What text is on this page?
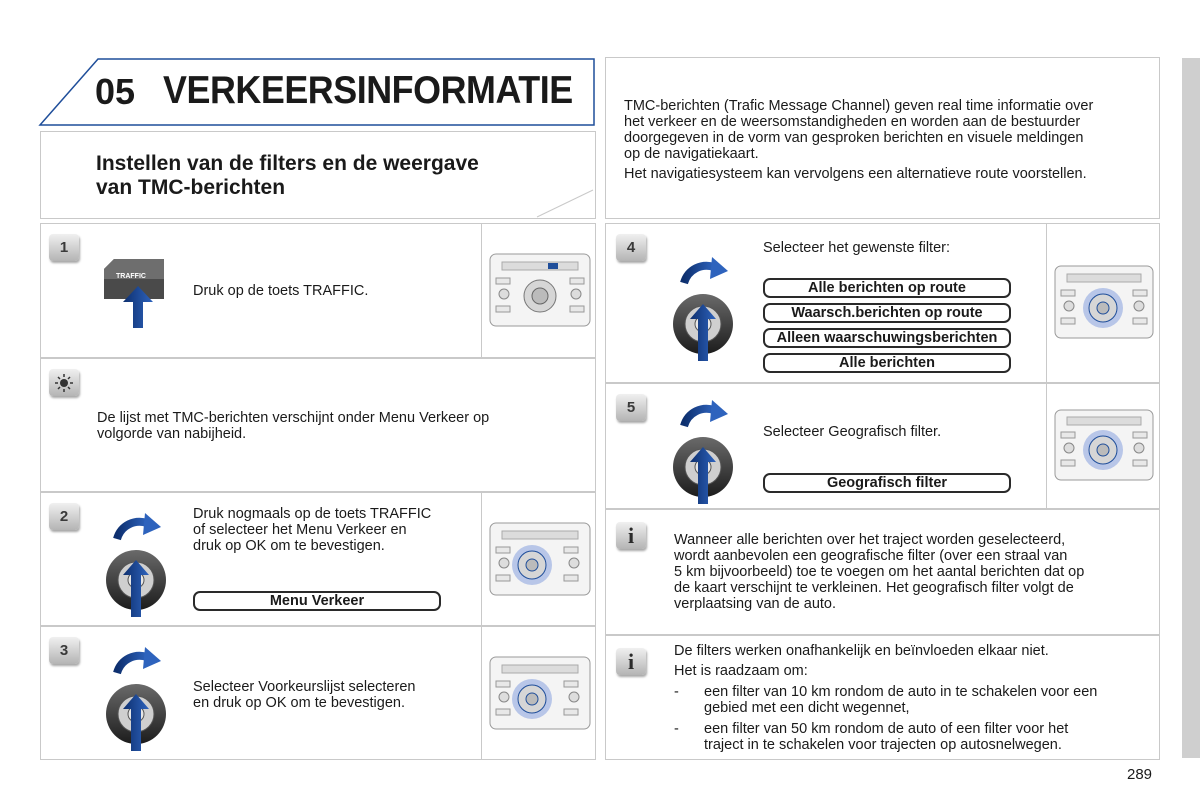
05 VERKEERSINFORMATIE
Instellen van de filters en de weergave
van TMC-berichten
TMC-berichten (Trafic Message Channel) geven real time informatie over
het verkeer en de weersomstandigheden en worden aan de bestuurder
doorgegeven in de vorm van gesproken berichten en visuele meldingen
op de navigatiekaart.
Het navigatiesysteem kan vervolgens een alternatieve route voorstellen.
1
TRAFFIC
Druk op de toets TRAFFIC.
De lijst met TMC-berichten verschijnt onder Menu Verkeer op
volgorde van nabijheid.
2	Druk nogmaals op de toets TRAFFIC
of selecteer het Menu Verkeer en
druk op OK om te bevestigen.
Menu Verkeer
3
Selecteer Voorkeurslijst selecteren
en druk op OK om te bevestigen.
4	Selecteer het gewenste filter:
Alle berichten op route
Waarsch.berichten op route
Alleen waarschuwingsberichten
Alle berichten
5
Selecteer Geografisch filter.
Geografisch filter
i	Wanneer alle berichten over het traject worden geselecteerd,
wordt aanbevolen een geografische filter (over een straal van
5 km bijvoorbeeld) toe te voegen om het aantal berichten dat op
de kaart verschijnt te verkleinen. Het geografisch filter volgt de
verplaatsing van de auto.
i	De filters werken onafhankelijk en beïnvloeden elkaar niet.
Het is raadzaam om:
- een filter van 10 km rondom de auto in te schakelen voor een
gebied met een dicht wegennet,
- een filter van 50 km rondom de auto of een filter voor het
traject in te schakelen voor trajecten op autosnelwegen.
289
